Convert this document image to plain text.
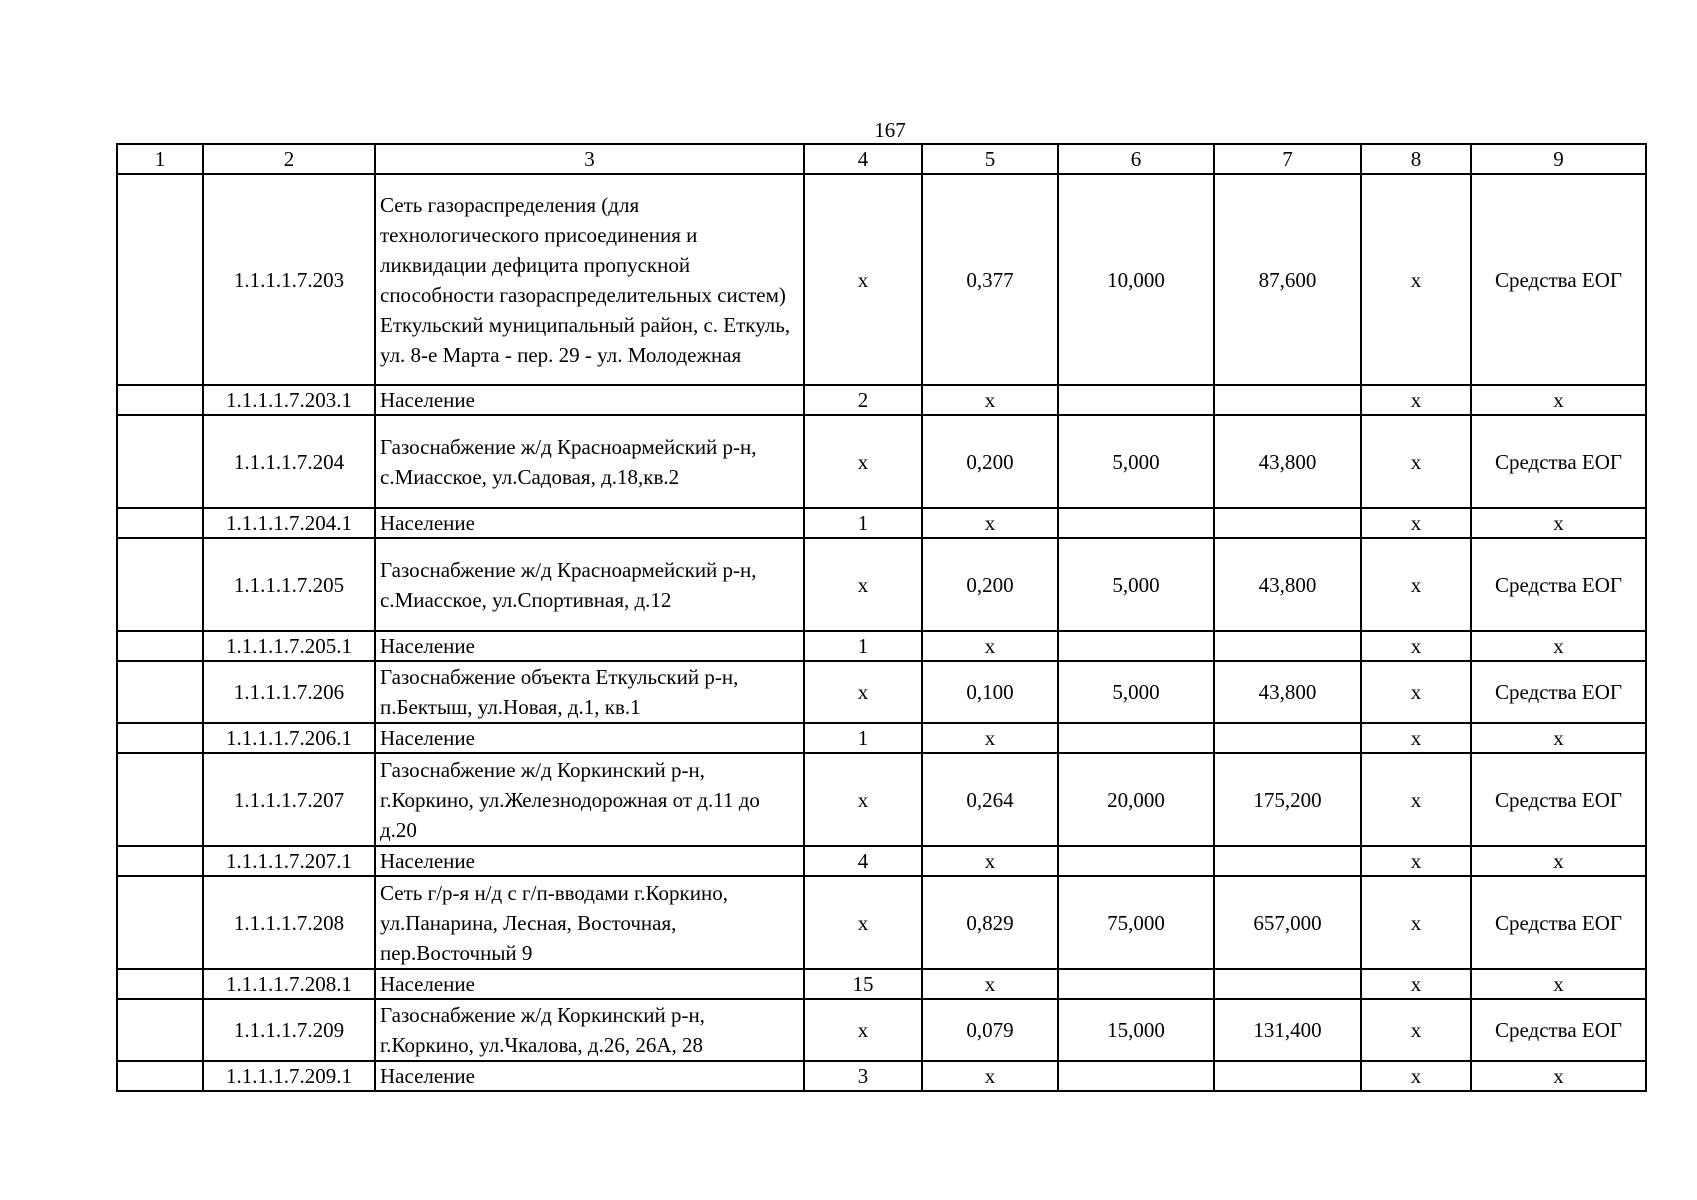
167
1	2	3	4	5	6	7	8	9
	1.1.1.1.7.203	Сеть газораспределения (для технологического присоединения и ликвидации дефицита пропускной способности газораспределительных систем) Еткульский муниципальный район, с. Еткуль, ул. 8-е Марта - пер. 29 - ул. Молодежная	x	0,377	10,000	87,600	x	Средства ЕОГ
	1.1.1.1.7.203.1	Население	2	x			x	x
	1.1.1.1.7.204	Газоснабжение ж/д Красноармейский р-н, с.Миасское, ул.Садовая, д.18,кв.2	x	0,200	5,000	43,800	x	Средства ЕОГ
	1.1.1.1.7.204.1	Население	1	x			x	x
	1.1.1.1.7.205	Газоснабжение ж/д Красноармейский р-н, с.Миасское, ул.Спортивная, д.12	x	0,200	5,000	43,800	x	Средства ЕОГ
	1.1.1.1.7.205.1	Население	1	x			x	x
	1.1.1.1.7.206	Газоснабжение объекта Еткульский р-н, п.Бектыш, ул.Новая, д.1, кв.1	x	0,100	5,000	43,800	x	Средства ЕОГ
	1.1.1.1.7.206.1	Население	1	x			x	x
	1.1.1.1.7.207	Газоснабжение ж/д Коркинский р-н, г.Коркино, ул.Железнодорожная от д.11 до д.20	x	0,264	20,000	175,200	x	Средства ЕОГ
	1.1.1.1.7.207.1	Население	4	x			x	x
	1.1.1.1.7.208	Сеть г/р-я н/д с г/п-вводами г.Коркино, ул.Панарина, Лесная, Восточная, пер.Восточный 9	x	0,829	75,000	657,000	x	Средства ЕОГ
	1.1.1.1.7.208.1	Население	15	x			x	x
	1.1.1.1.7.209	Газоснабжение ж/д Коркинский р-н, г.Коркино, ул.Чкалова, д.26, 26А, 28	x	0,079	15,000	131,400	x	Средства ЕОГ
	1.1.1.1.7.209.1	Население	3	x			x	x
